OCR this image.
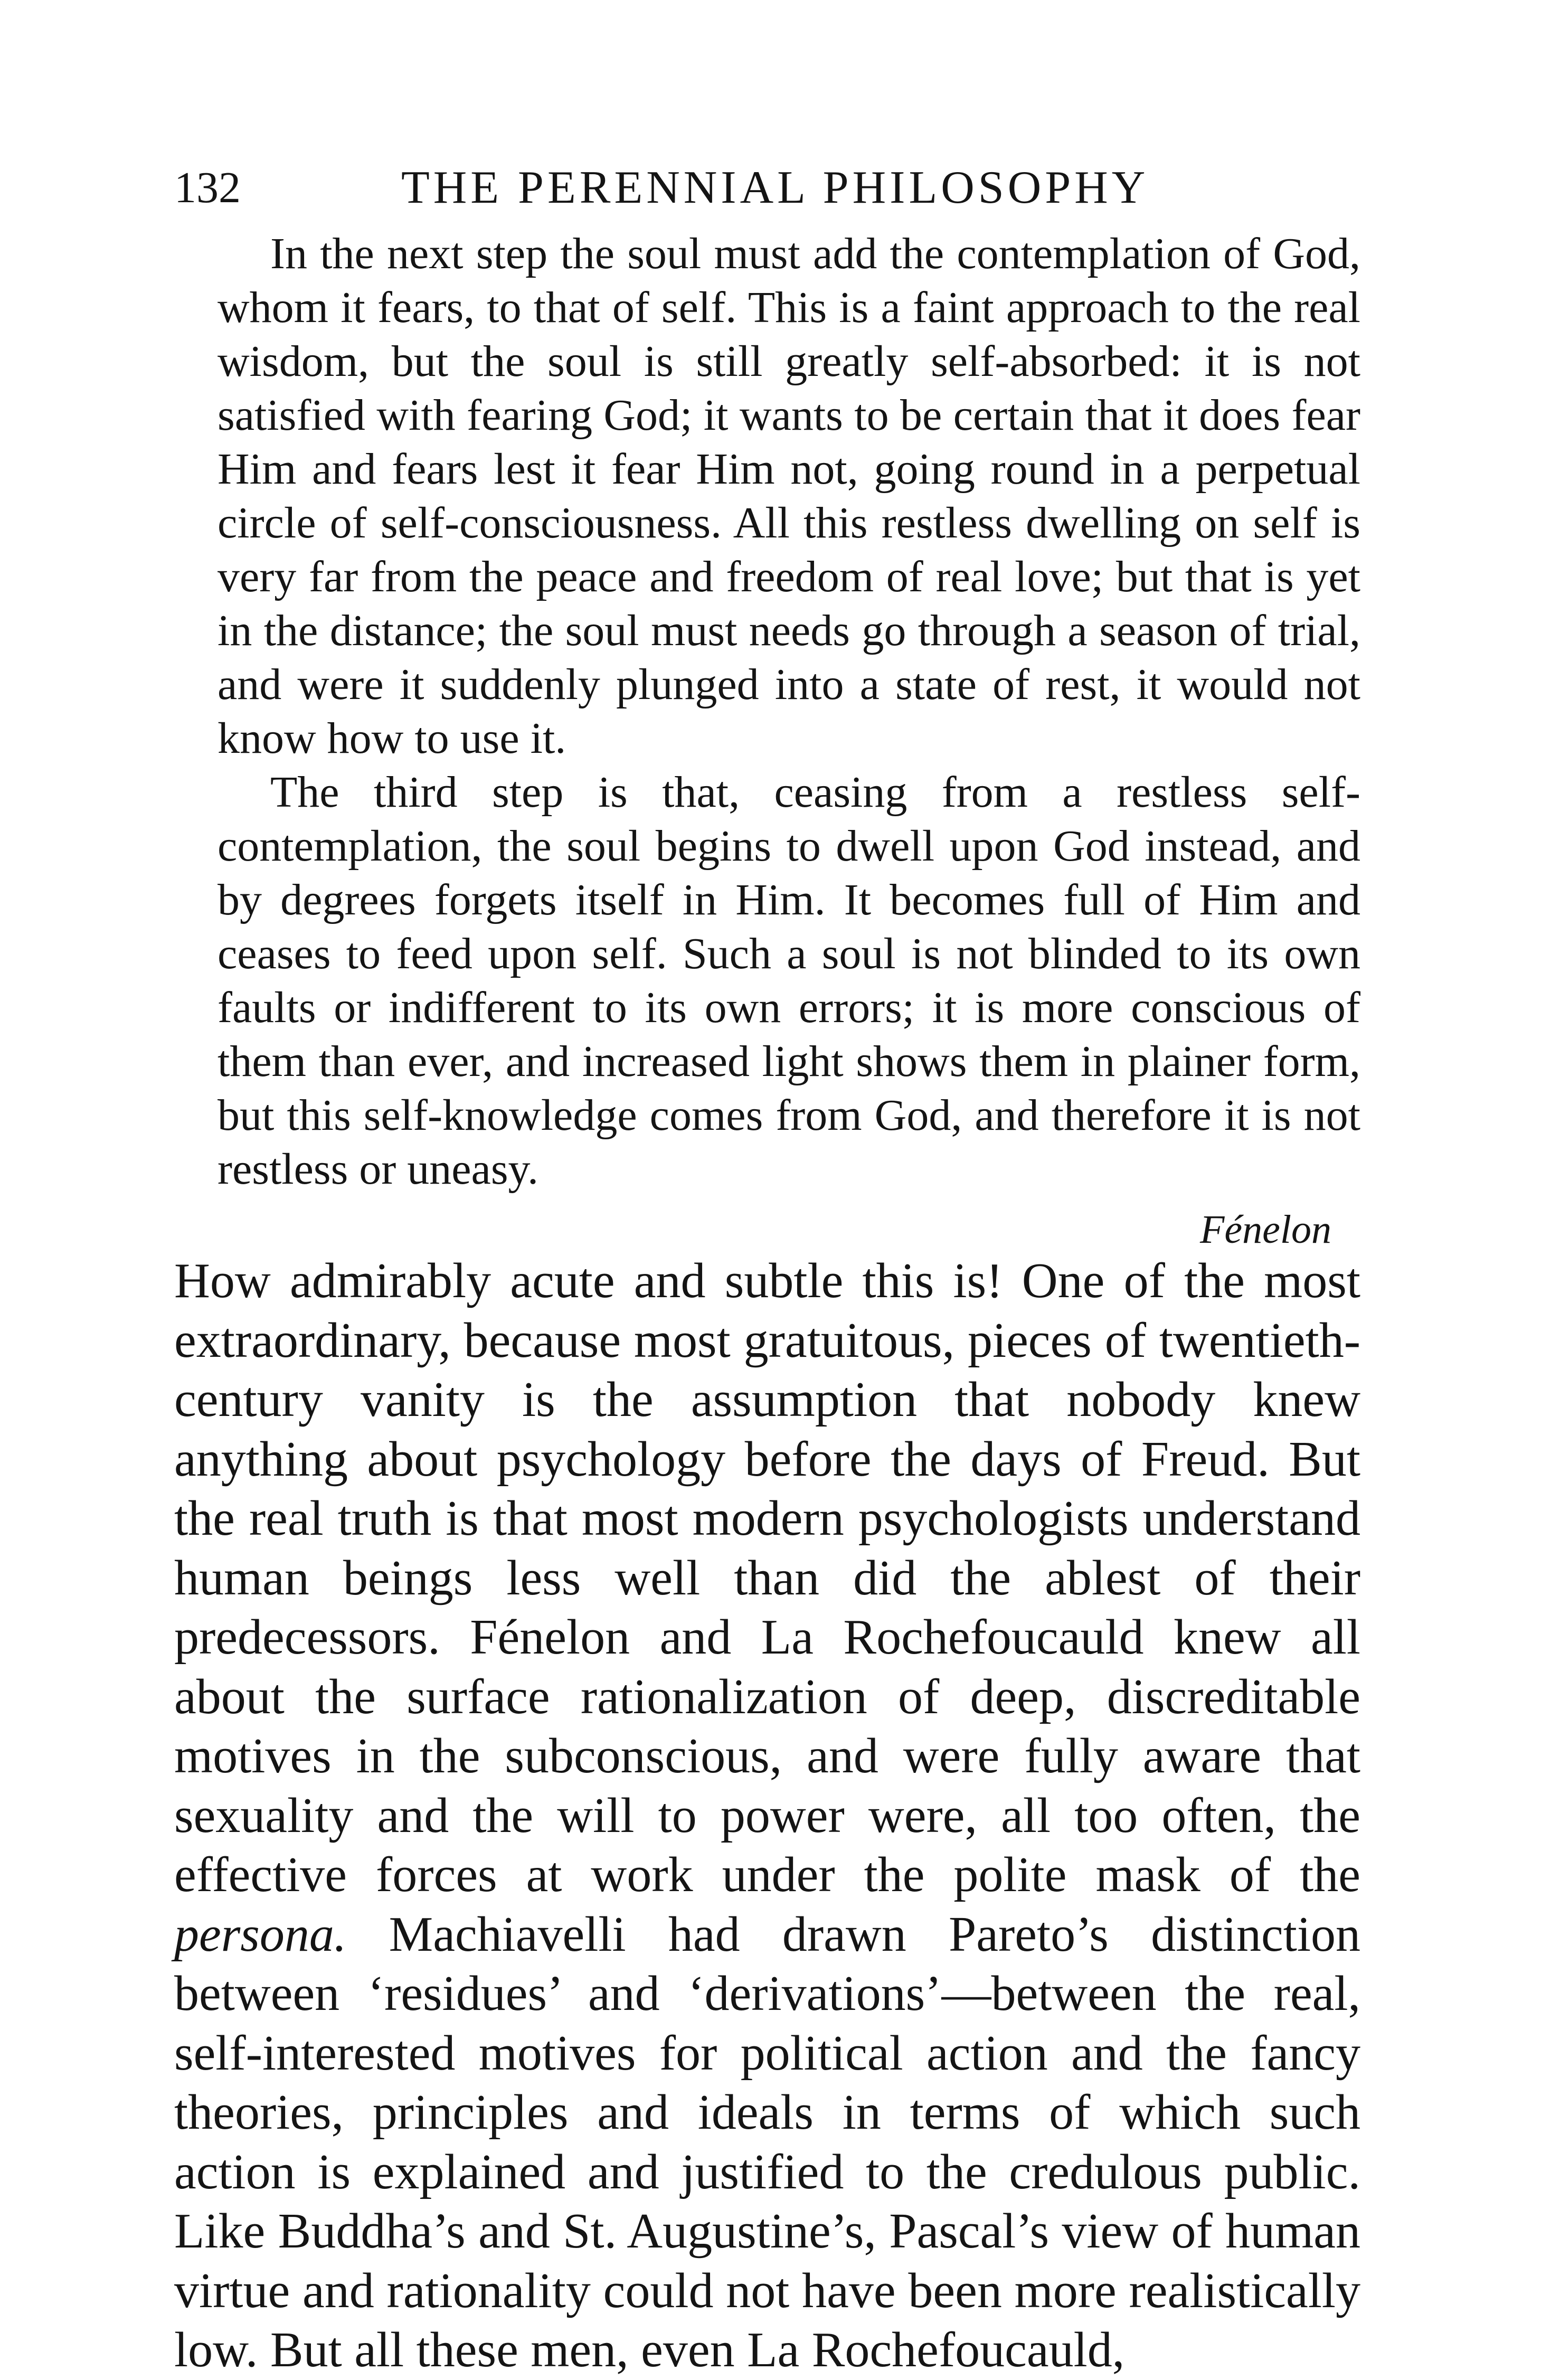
132	THE PERENNIAL PHILOSOPHY

In the next step the soul must add the contemplation of God, whom it fears, to that of self. This is a faint approach to the real wisdom, but the soul is still greatly self-absorbed: it is not satisfied with fearing God; it wants to be certain that it does fear Him and fears lest it fear Him not, going round in a perpetual circle of self-consciousness. All this restless dwelling on self is very far from the peace and freedom of real love; but that is yet in the distance; the soul must needs go through a season of trial, and were it suddenly plunged into a state of rest, it would not know how to use it.

The third step is that, ceasing from a restless self-contemplation, the soul begins to dwell upon God instead, and by degrees forgets itself in Him. It becomes full of Him and ceases to feed upon self. Such a soul is not blinded to its own faults or indifferent to its own errors; it is more conscious of them than ever, and increased light shows them in plainer form, but this self-knowledge comes from God, and therefore it is not restless or uneasy.

Fénelon

How admirably acute and subtle this is! One of the most extraordinary, because most gratuitous, pieces of twentieth-century vanity is the assumption that nobody knew anything about psychology before the days of Freud. But the real truth is that most modern psychologists understand human beings less well than did the ablest of their predecessors. Fénelon and La Rochefoucauld knew all about the surface rationalization of deep, discreditable motives in the subconscious, and were fully aware that sexuality and the will to power were, all too often, the effective forces at work under the polite mask of the persona. Machiavelli had drawn Pareto’s distinction between ‘residues’ and ‘derivations’—between the real, self-interested motives for political action and the fancy theories, principles and ideals in terms of which such action is explained and justified to the credulous public. Like Buddha’s and St. Augustine’s, Pascal’s view of human virtue and rationality could not have been more realistically low. But all these men, even La Rochefoucauld,
